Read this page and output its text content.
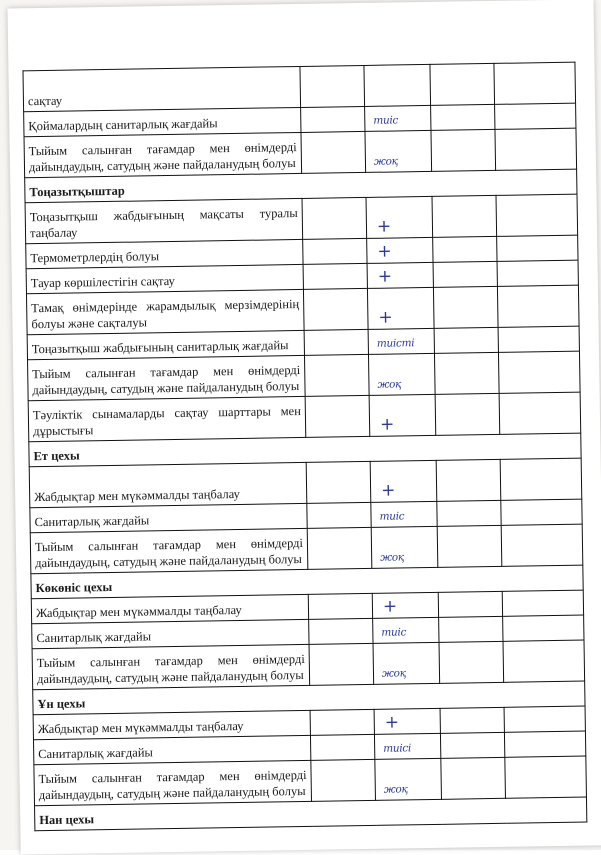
сақтау				
Қоймалардың санитарлық жағдайы		тиіс		
Тыйым салынған тағамдар мен өнімдерді дайындаудың, сатудың және пайдаланудың болуы		жоқ		
Тоңазытқыштар				
Тоңазытқыш жабдығының мақсаты туралы таңбалау		+		
Термометрлердің болуы		+		
Тауар көршілестігін сақтау		+		
Тамақ өнімдерінде жарамдылық мерзімдерінің болуы және сақталуы		+		
Тоңазытқыш жабдығының санитарлық жағдайы		тиісті		
Тыйым салынған тағамдар мен өнімдерді дайындаудың, сатудың және пайдаланудың болуы		жоқ		
Тәуліктік сынамаларды сақтау шарттары мен дұрыстығы		+		
Ет цехы				
Жабдықтар мен мүкәммалды таңбалау		+		
Санитарлық жағдайы		тиіс		
Тыйым салынған тағамдар мен өнімдерді дайындаудың, сатудың және пайдаланудың болуы		жоқ		
Көкөніс цехы				
Жабдықтар мен мүкәммалды таңбалау		+		
Санитарлық жағдайы		тиіс		
Тыйым салынған тағамдар мен өнімдерді дайындаудың, сатудың және пайдаланудың болуы		жоқ		
Ұн цехы				
Жабдықтар мен мүкәммалды таңбалау		+		
Санитарлық жағдайы		тиісі		
Тыйым салынған тағамдар мен өнімдерді дайындаудың, сатудың және пайдаланудың болуы		жоқ		
Нан цехы				
